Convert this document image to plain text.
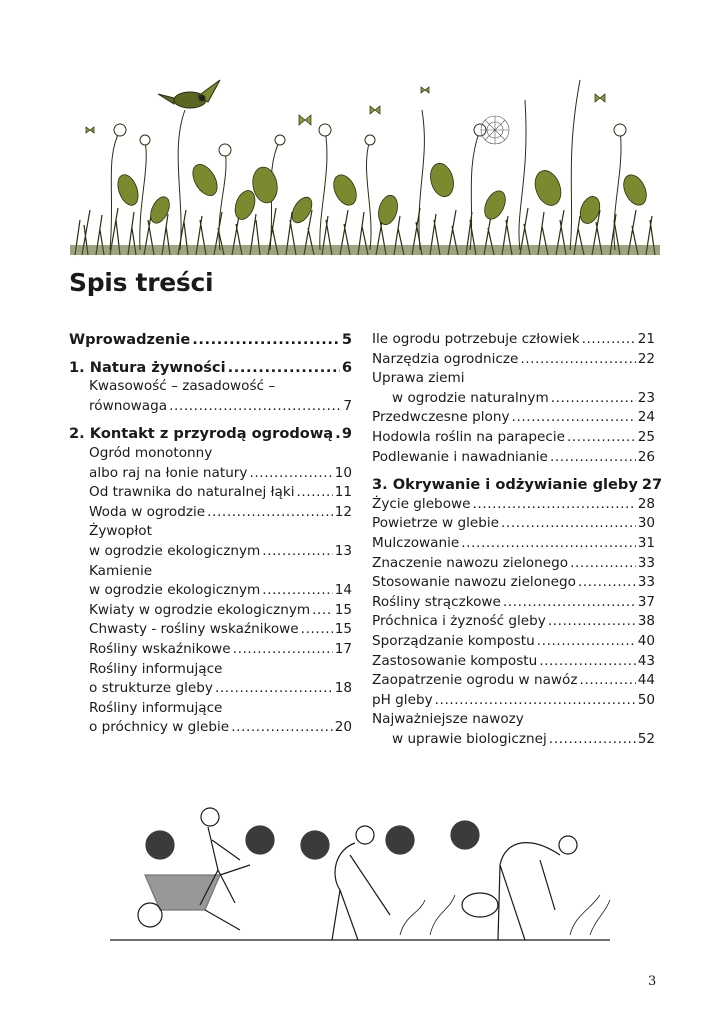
Spis treści
Wprowadzenie .....	5
1. Natura żywności .....	6
Kwasowość – zasadowość –
równowaga .....	7
2. Kontakt z przyrodą ogrodową ..... 9
Ogród monotonny
albo raj na łonie natury .....	10
Od trawnika do naturalnej łąki .....	11
Woda w ogrodzie .....	12
Żywopłot
w ogrodzie ekologicznym .....	13
Kamienie
w ogrodzie ekologicznym .....	14
Kwiaty w ogrodzie ekologicznym ..... 15
Chwasty - rośliny wskaźnikowe .....	15
Rośliny wskaźnikowe .....	17
Rośliny informujące
o strukturze gleby .....	18
Rośliny informujące
o próchnicy w glebie .....	20
Ile ogrodu potrzebuje człowiek .....	21
Narzędzia ogrodnicze .....	22
Uprawa ziemi
w ogrodzie naturalnym .....	23
Przedwczesne plony .....	24
Hodowla roślin na parapecie .....	25
Podlewanie i nawadnianie .....	26
3. Okrywanie i odżywianie gleby 27
Życie glebowe .....	28
Powietrze w glebie .....	30
Mulczowanie .....	31
Znaczenie nawozu zielonego .....	33
Stosowanie nawozu zielonego .....	33
Rośliny strączkowe .....	37
Próchnica i żyzność gleby .....	38
Sporządzanie kompostu .....	40
Zastosowanie kompostu .....	43
Zaopatrzenie ogrodu w nawóz .....	44
pH gleby .....	50
Najważniejsze nawozy
w uprawie biologicznej .....	52
3
